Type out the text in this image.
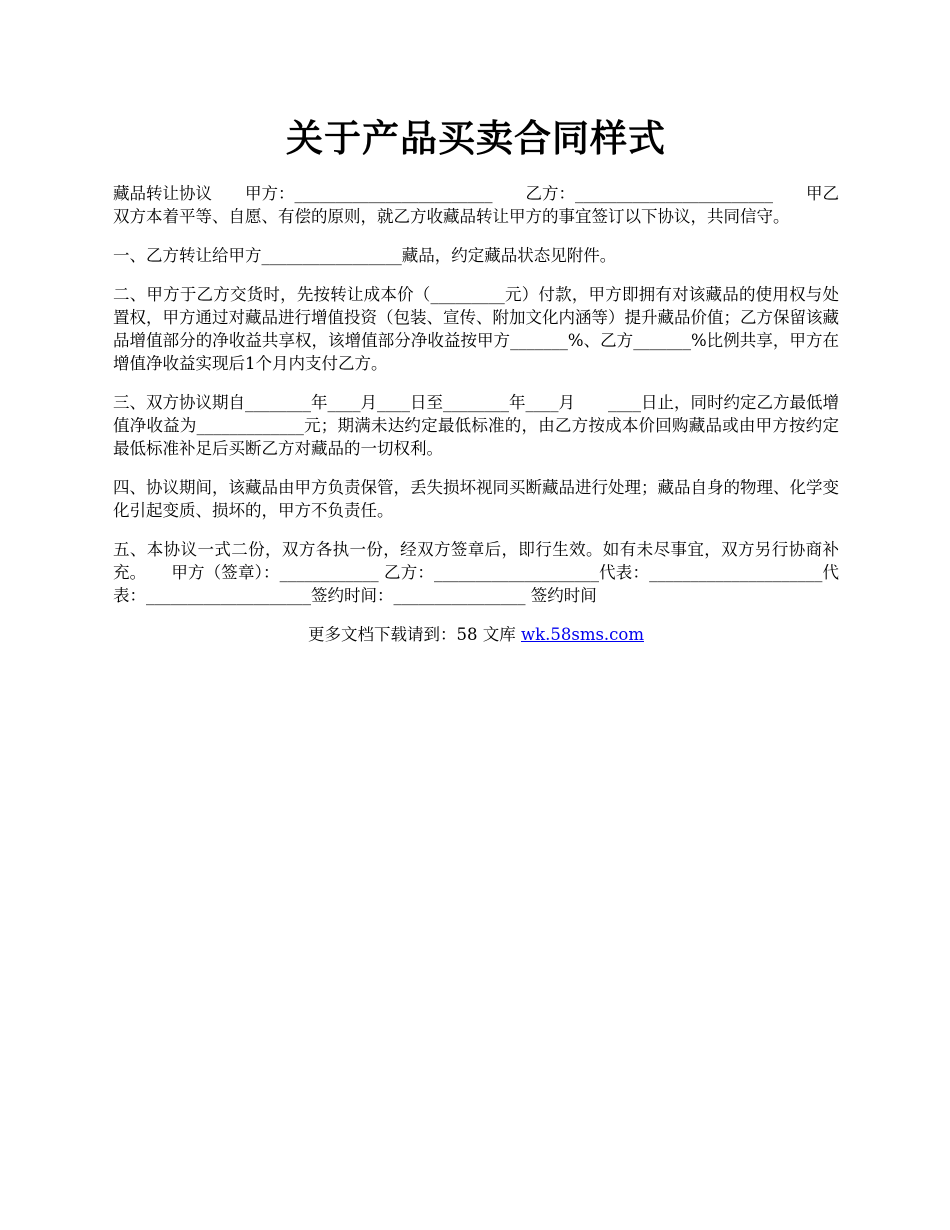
关于产品买卖合同样式

藏品转让协议　　甲方：________________________　　乙方：________________________　　甲乙双方本着平等、自愿、有偿的原则，就乙方收藏品转让甲方的事宜签订以下协议，共同信守。

一、乙方转让给甲方_________________藏品，约定藏品状态见附件。

二、甲方于乙方交货时，先按转让成本价（_________元）付款，甲方即拥有对该藏品的使用权与处置权，甲方通过对藏品进行增值投资（包装、宣传、附加文化内涵等）提升藏品价值；乙方保留该藏品增值部分的净收益共享权，该增值部分净收益按甲方_______%、乙方_______%比例共享，甲方在增值净收益实现后1个月内支付乙方。

三、双方协议期自________年____月____日至________年____月　　____日止，同时约定乙方最低增值净收益为_____________元；期满未达约定最低标准的，由乙方按成本价回购藏品或由甲方按约定最低标准补足后买断乙方对藏品的一切权利。

四、协议期间，该藏品由甲方负责保管，丢失损坏视同买断藏品进行处理；藏品自身的物理、化学变化引起变质、损坏的，甲方不负责任。

五、本协议一式二份，双方各执一份，经双方签章后，即行生效。如有未尽事宜，双方另行协商补充。　　甲方（签章）：____________ 乙方：____________________代表：_____________________代表：____________________签约时间：________________ 签约时间

更多文档下载请到：58 文库 wk.58sms.com
